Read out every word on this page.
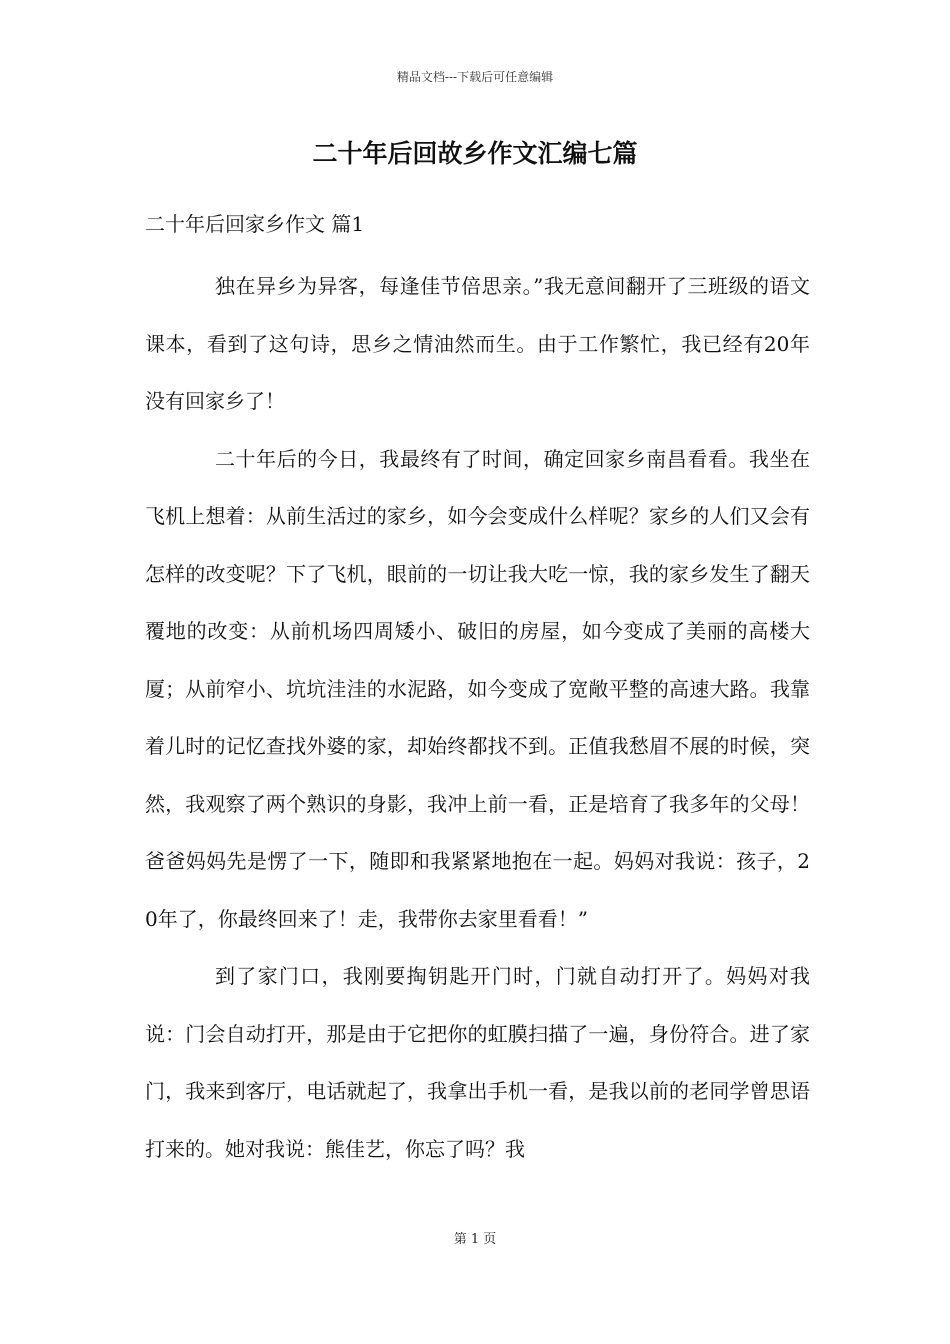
精品文档---下载后可任意编辑
二十年后回故乡作文汇编七篇
二十年后回家乡作文 篇1

独在异乡为异客，每逢佳节倍思亲。”我无意间翻开了三班级的语文课本，看到了这句诗，思乡之情油然而生。由于工作繁忙，我已经有20年没有回家乡了！

二十年后的今日，我最终有了时间，确定回家乡南昌看看。我坐在飞机上想着：从前生活过的家乡，如今会变成什么样呢？家乡的人们又会有怎样的改变呢？下了飞机，眼前的一切让我大吃一惊，我的家乡发生了翻天覆地的改变：从前机场四周矮小、破旧的房屋，如今变成了美丽的高楼大厦；从前窄小、坑坑洼洼的水泥路，如今变成了宽敞平整的高速大路。我靠着儿时的记忆查找外婆的家，却始终都找不到。正值我愁眉不展的时候，突然，我观察了两个熟识的身影，我冲上前一看，正是培育了我多年的父母！爸爸妈妈先是愣了一下，随即和我紧紧地抱在一起。妈妈对我说：孩子，20年了，你最终回来了！走，我带你去家里看看！”

到了家门口，我刚要掏钥匙开门时，门就自动打开了。妈妈对我说：门会自动打开，那是由于它把你的虹膜扫描了一遍，身份符合。进了家门，我来到客厅，电话就起了，我拿出手机一看，是我以前的老同学曾思语打来的。她对我说：熊佳艺，你忘了吗？我

第 1 页
